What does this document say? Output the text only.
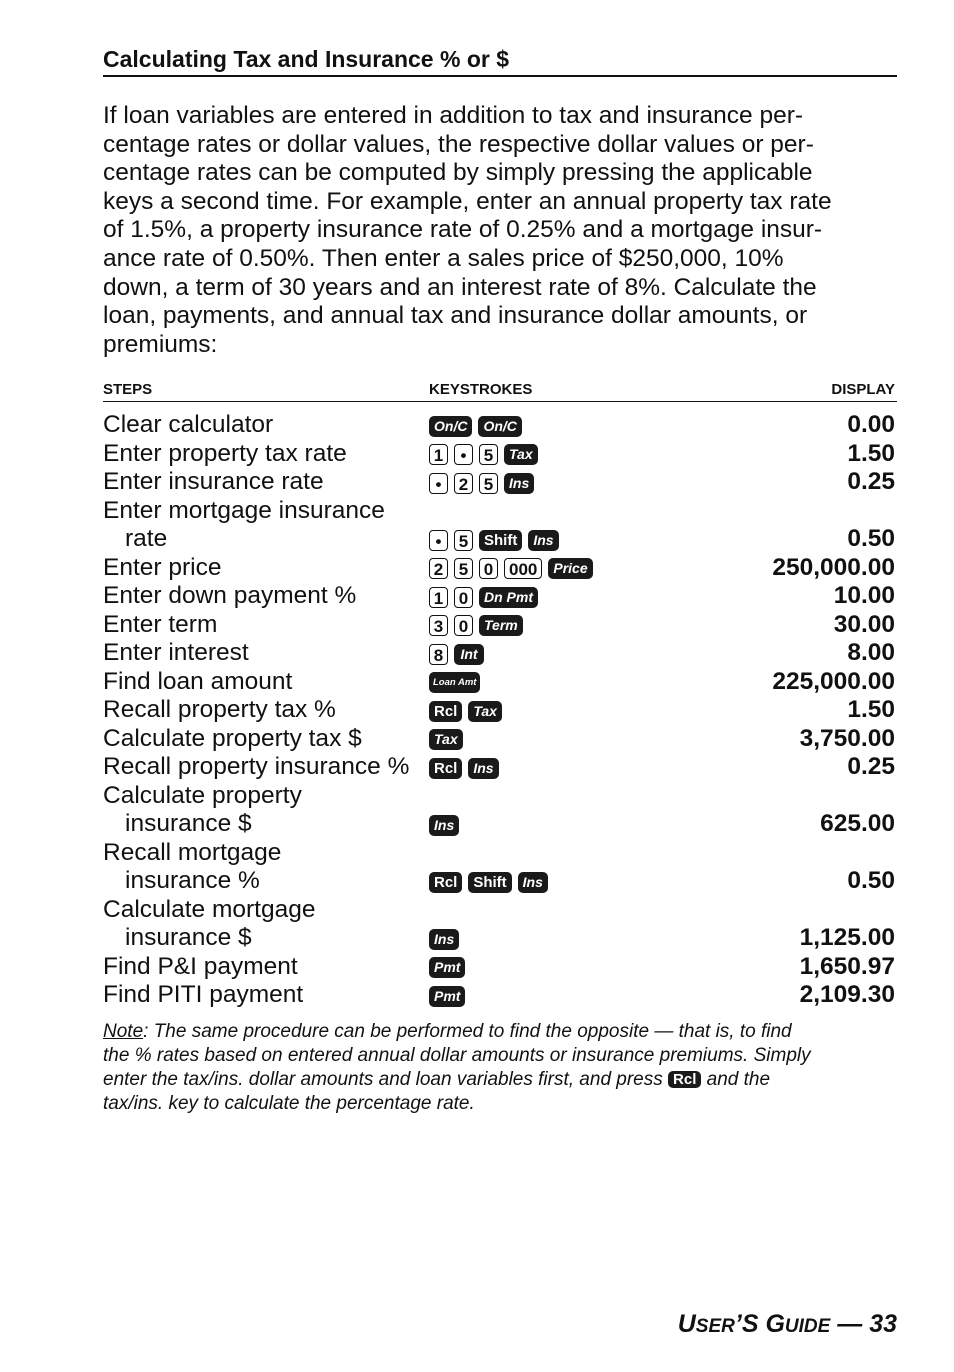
Calculating Tax and Insurance % or $
If loan variables are entered in addition to tax and insurance per-
centage rates or dollar values, the respective dollar values or per-
centage rates can be computed by simply pressing the applicable
keys a second time. For example, enter an annual property tax rate
of 1.5%, a property insurance rate of 0.25% and a mortgage insur-
ance rate of 0.50%. Then enter a sales price of $250,000, 10%
down, a term of 30 years and an interest rate of 8%. Calculate the
loan, payments, and annual tax and insurance dollar amounts, or
premiums:
STEPS	KEYSTROKES	DISPLAY
Clear calculator	On/C	On/C	0.00
Enter property tax rate	1	•	5	Tax	1.50
Enter insurance rate	•	2 5	Ins	0.25
Enter mortgage insurance
rate	•	5	Shift	Ins	0.50
Enter price	2 5 0 000	Price	250,000.00
Enter down payment %	1 0	Dn Pmt	10.00
Enter term	3 0	Term	30.00
Enter interest	8	Int	8.00
Find loan amount	Loan Amt	225,000.00
Recall property tax %	Rcl	Tax	1.50
Calculate property tax $	Tax	3,750.00
Recall property insurance %	Rcl	Ins	0.25
Calculate property
insurance $	Ins	625.00
Recall mortgage
insurance %	Rcl	Shift	Ins	0.50
Calculate mortgage
insurance $	Ins	1,125.00
Find P&I payment	Pmt	1,650.97
Find PITI payment	Pmt	2,109.30
Note: The same procedure can be performed to find the opposite — that is, to find
the % rates based on entered annual dollar amounts or insurance premiums. Simply
enter the tax/ins. dollar amounts and loan variables first, and press Rcl and the
tax/ins. key to calculate the percentage rate.
USER’S GUIDE — 33
